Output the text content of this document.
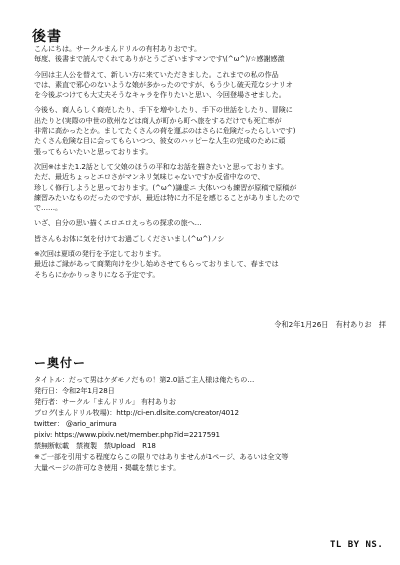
後書

こんにちは。サークルまんドリルの有村ありおです。

毎度、後書まで読んでくれてありがとうございますマンです\(^ω^)/☆感謝感激

今回は主人公を替えて、新しい方に来ていただきました。これまでの私の作品

では、素直で邪心のないような娘が多かったのですが、もう少し破天荒なシナリオ

を今後ぶつけても大丈夫そうなキャラを作りたいと思い、今回登場させました。

今後も、商人らしく商売したり、手下を増やしたり、手下の世話をしたり、冒険に

出たりと(実際の中世の欧州などは商人が町から町へ旅をするだけでも死亡率が

非常に高かったとか。ましてたくさんの荷を運ぶのはさらに危険だったらしいです)

たくさん危険な目に会ってもらいつつ、彼女のハッピーな人生の完成のために頑

張ってもらいたいと思っております。

次回※はまた1.2話として父娘のほうの平和なお話を描きたいと思っております。

ただ、最近ちょっとエロさがマンネリ気味じゃないですか反省中なので、

珍しく修行しようと思っております。(^ω^)謙虚ニ 大体いつも練習が原稿で原稿が

練習みたいなものだったのですが、最近は特に力不足を感じることがありましたので

で……。

いざ、自分の思い描くエロエロえっちの探求の旅へ…

皆さんもお体に気を付けてお過ごしくださいまし(^ω^)ノシ

※次回は夏頃の発行を予定しております。

最近はご縁があって商業向けを少し始めさせてもらっておりまして、春までは

そちらにかかりっきりになる予定です。

令和2年1月26日　有村ありお　拝
ー奥付ー

タイトル：だって男はケダモノだもの！第2.0話ご主人様は俺たちの…

発行日：令和2年1月28日

発行者：サークル「まんドリル」 有村ありお

ブログ(まんドリル牧場)：http://ci-en.dlsite.com/creator/4012

twitter： @ario_arimura

pixiv: https://www.pixiv.net/member.php?id=2217591

禁無断転載　禁複製　禁Upload　R18

※ご一部を引用する程度ならこの限りではありませんが1ページ、あるいは全文等

大量ページの許可なき使用・掲載を禁じます。

TL BY NS.
